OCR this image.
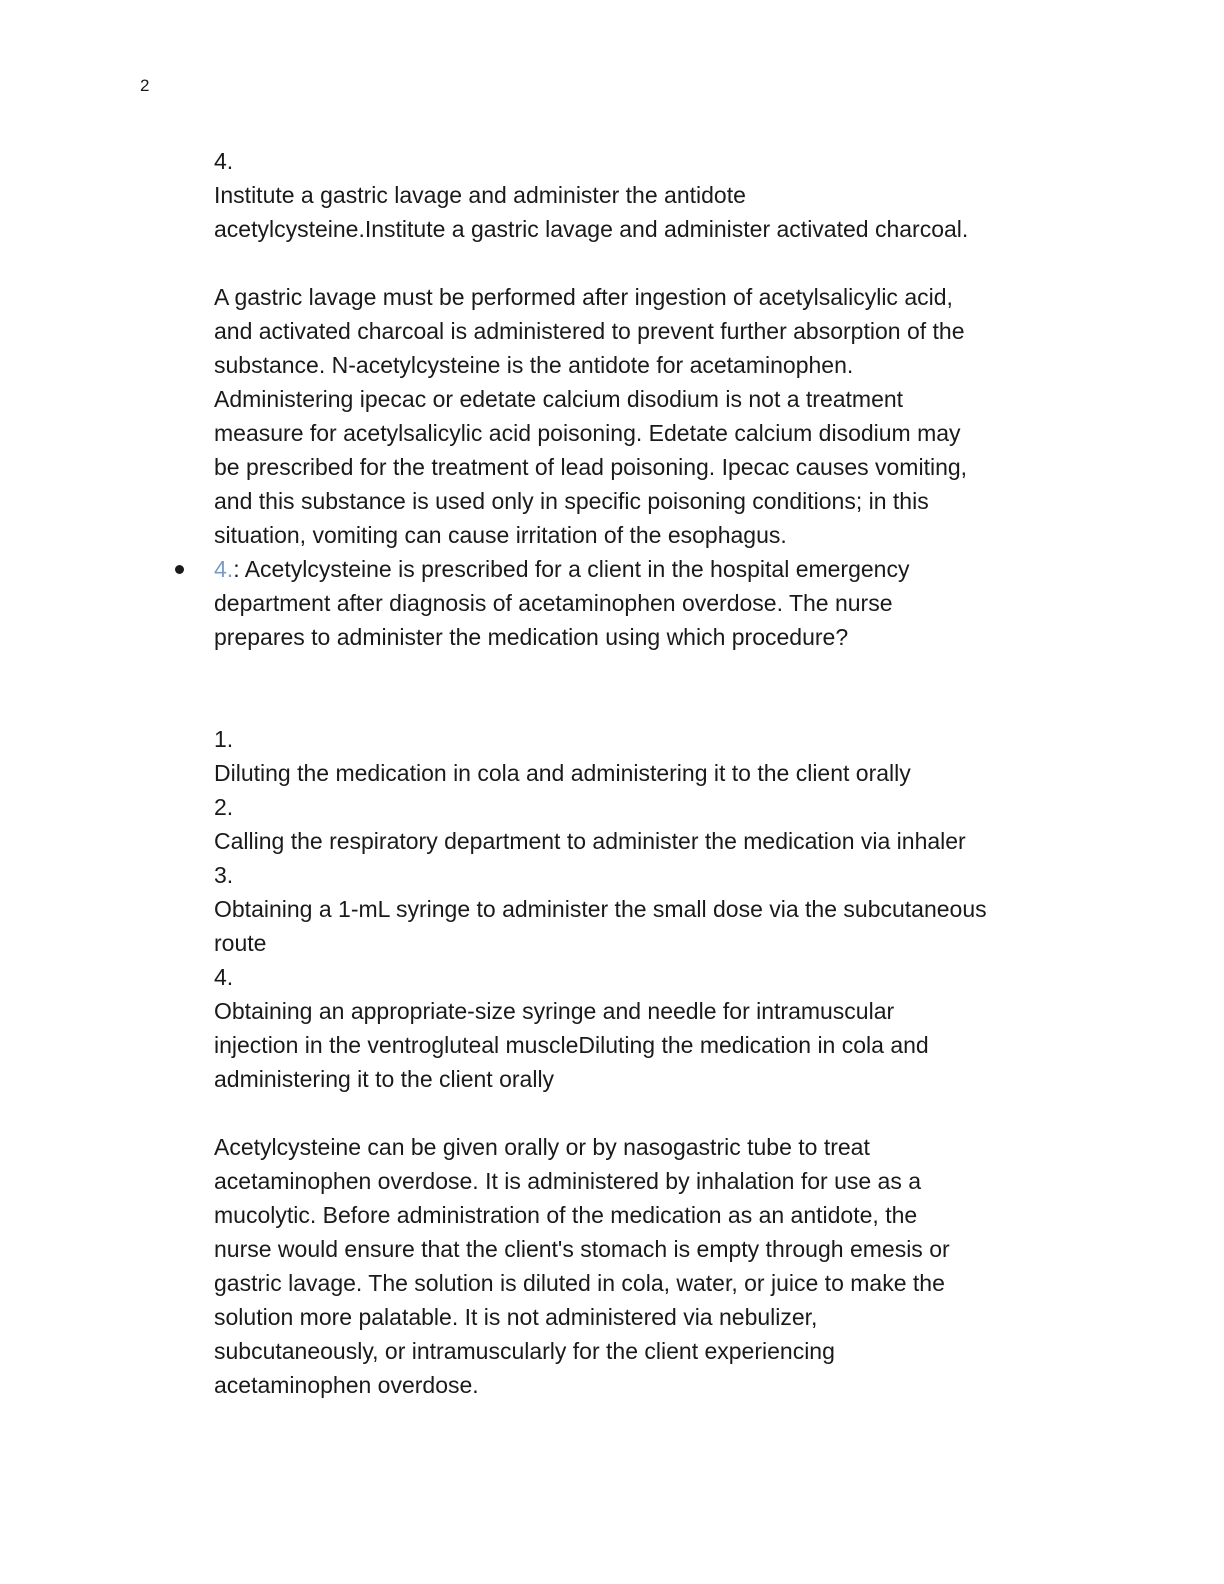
2
4.
Institute a gastric lavage and administer the antidote
acetylcysteine.Institute a gastric lavage and administer activated charcoal.
A gastric lavage must be performed after ingestion of acetylsalicylic acid,
and activated charcoal is administered to prevent further absorption of the
substance. N-acetylcysteine is the antidote for acetaminophen.
Administering ipecac or edetate calcium disodium is not a treatment
measure for acetylsalicylic acid poisoning. Edetate calcium disodium may
be prescribed for the treatment of lead poisoning. Ipecac causes vomiting,
and this substance is used only in specific poisoning conditions; in this
situation, vomiting can cause irritation of the esophagus.
4.: Acetylcysteine is prescribed for a client in the hospital emergency
department after diagnosis of acetaminophen overdose. The nurse
prepares to administer the medication using which procedure?
1.
Diluting the medication in cola and administering it to the client orally
2.
Calling the respiratory department to administer the medication via inhaler
3.
Obtaining a 1-mL syringe to administer the small dose via the subcutaneous
route
4.
Obtaining an appropriate-size syringe and needle for intramuscular
injection in the ventrogluteal muscleDiluting the medication in cola and
administering it to the client orally
Acetylcysteine can be given orally or by nasogastric tube to treat
acetaminophen overdose. It is administered by inhalation for use as a
mucolytic. Before administration of the medication as an antidote, the
nurse would ensure that the client's stomach is empty through emesis or
gastric lavage. The solution is diluted in cola, water, or juice to make the
solution more palatable. It is not administered via nebulizer,
subcutaneously, or intramuscularly for the client experiencing
acetaminophen overdose.
